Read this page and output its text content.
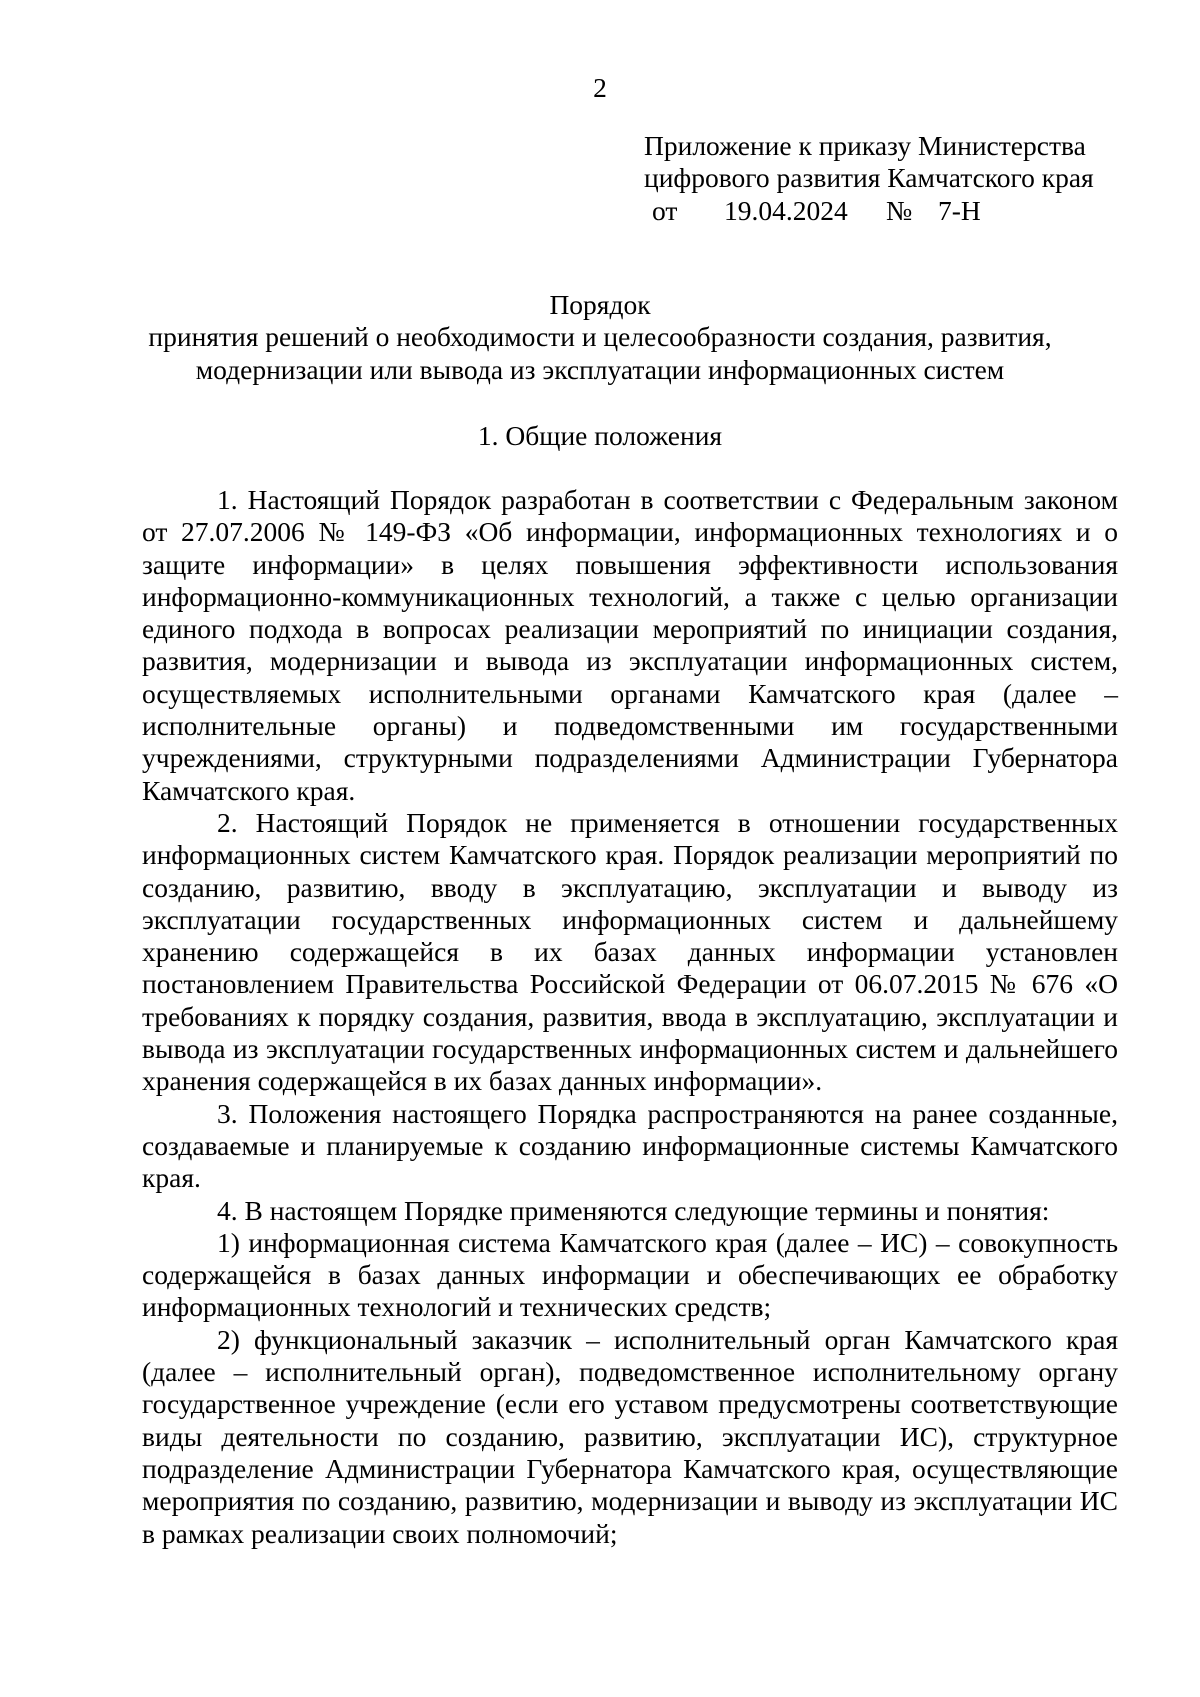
2
Приложение к приказу Министерства
цифрового развития Камчатского края
от 19.04.2024 № 7-Н
Порядок
принятия решений о необходимости и целесообразности создания, развития,
модернизации или вывода из эксплуатации информационных систем
1. Общие положения

1. Настоящий Порядок разработан в соответствии с Федеральным законом от 27.07.2006 № 149-ФЗ «Об информации, информационных технологиях и о защите информации» в целях повышения эффективности использования информационно-коммуникационных технологий, а также с целью организации единого подхода в вопросах реализации мероприятий по инициации создания, развития, модернизации и вывода из эксплуатации информационных систем, осуществляемых исполнительными органами Камчатского края (далее – исполнительные органы) и подведомственными им государственными учреждениями, структурными подразделениями Администрации Губернатора Камчатского края.

2. Настоящий Порядок не применяется в отношении государственных информационных систем Камчатского края. Порядок реализации мероприятий по созданию, развитию, вводу в эксплуатацию, эксплуатации и выводу из эксплуатации государственных информационных систем и дальнейшему хранению содержащейся в их базах данных информации установлен постановлением Правительства Российской Федерации от 06.07.2015 № 676 «О требованиях к порядку создания, развития, ввода в эксплуатацию, эксплуатации и вывода из эксплуатации государственных информационных систем и дальнейшего хранения содержащейся в их базах данных информации».

3. Положения настоящего Порядка распространяются на ранее созданные, создаваемые и планируемые к созданию информационные системы Камчатского края.

4. В настоящем Порядке применяются следующие термины и понятия:

1) информационная система Камчатского края (далее – ИС) – совокупность содержащейся в базах данных информации и обеспечивающих ее обработку информационных технологий и технических средств;

2) функциональный заказчик – исполнительный орган Камчатского края (далее – исполнительный орган), подведомственное исполнительному органу государственное учреждение (если его уставом предусмотрены соответствующие виды деятельности по созданию, развитию, эксплуатации ИС), структурное подразделение Администрации Губернатора Камчатского края, осуществляющие мероприятия по созданию, развитию, модернизации и выводу из эксплуатации ИС в рамках реализации своих полномочий;
